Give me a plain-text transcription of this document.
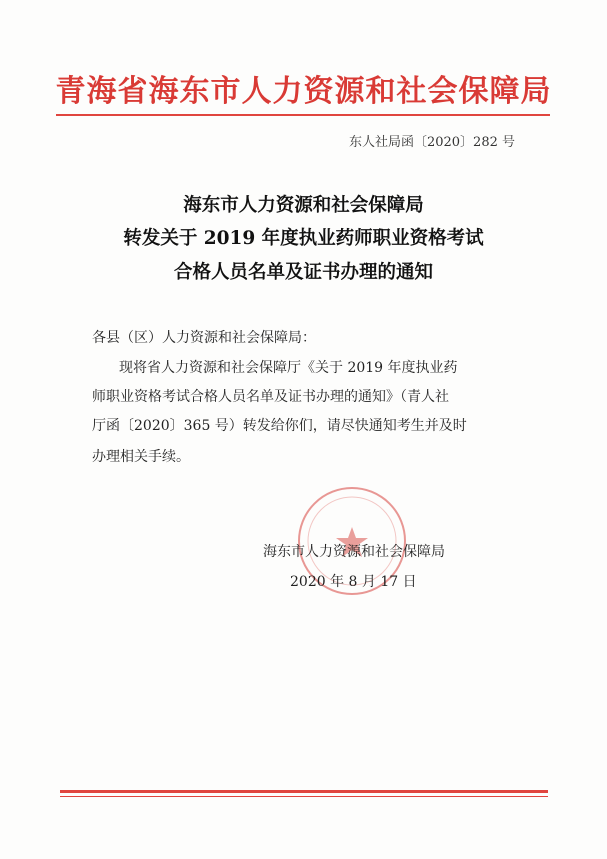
青海省海东市人力资源和社会保障局
东人社局函〔2020〕282 号
海东市人力资源和社会保障局
转发关于 2019 年度执业药师职业资格考试
合格人员名单及证书办理的通知
各县（区）人力资源和社会保障局：
现将省人力资源和社会保障厅《关于 2019 年度执业药
师职业资格考试合格人员名单及证书办理的通知》（青人社
厅函〔2020〕365 号）转发给你们，请尽快通知考生并及时
办理相关手续。
海东市人力资源和社会保障局
2020 年 8 月 17 日
